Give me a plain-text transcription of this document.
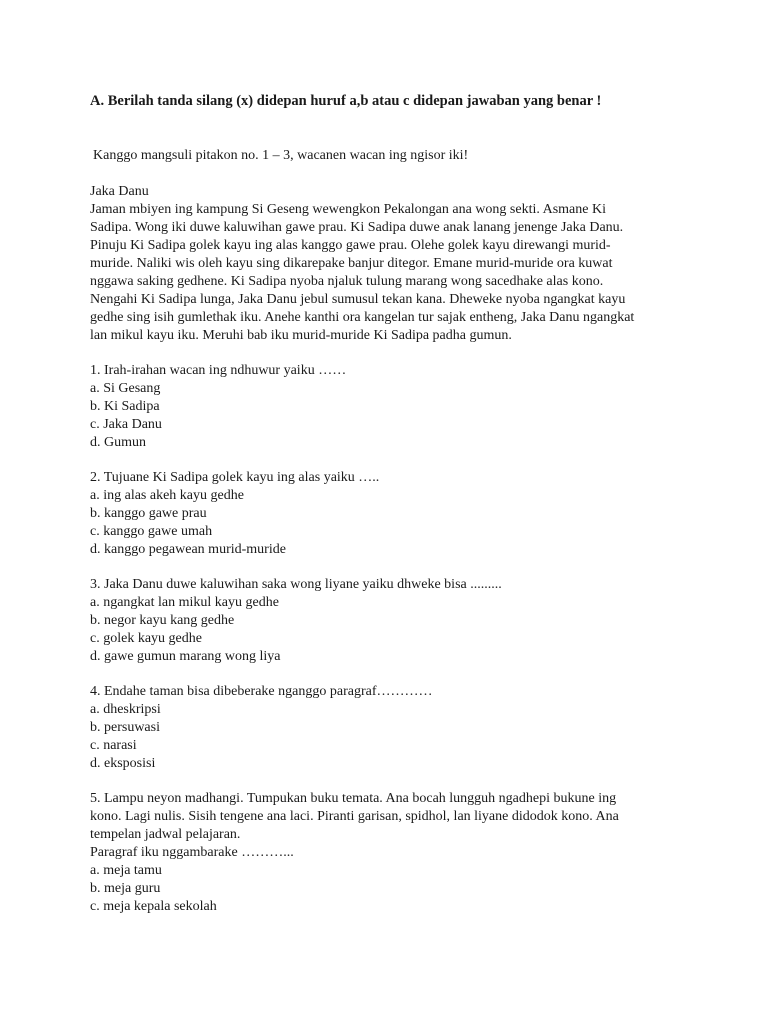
A. Berilah tanda silang (x) didepan huruf a,b atau c didepan jawaban yang benar !
Kanggo mangsuli pitakon no. 1 – 3, wacanen wacan ing ngisor iki!
Jaka Danu
Jaman mbiyen ing kampung Si Geseng wewengkon Pekalongan ana wong sekti. Asmane Ki
Sadipa. Wong iki duwe kaluwihan gawe prau. Ki Sadipa duwe anak lanang jenenge Jaka Danu.
Pinuju Ki Sadipa golek kayu ing alas kanggo gawe prau. Olehe golek kayu direwangi murid-
muride. Naliki wis oleh kayu sing dikarepake banjur ditegor. Emane murid-muride ora kuwat
nggawa saking gedhene. Ki Sadipa nyoba njaluk tulung marang wong sacedhake alas kono.
Nengahi Ki Sadipa lunga, Jaka Danu jebul sumusul tekan kana. Dheweke nyoba ngangkat kayu
gedhe sing isih gumlethak iku. Anehe kanthi ora kangelan tur sajak entheng, Jaka Danu ngangkat
lan mikul kayu iku. Meruhi bab iku murid-muride Ki Sadipa padha gumun.
1. Irah-irahan wacan ing ndhuwur yaiku ……
a. Si Gesang
b. Ki Sadipa
c. Jaka Danu
d. Gumun
2. Tujuane Ki Sadipa golek kayu ing alas yaiku …..
a. ing alas akeh kayu gedhe
b. kanggo gawe prau
c. kanggo gawe umah
d. kanggo pegawean murid-muride
3. Jaka Danu duwe kaluwihan saka wong liyane yaiku dhweke bisa .........
a. ngangkat lan mikul kayu gedhe
b. negor kayu kang gedhe
c. golek kayu gedhe
d. gawe gumun marang wong liya
4. Endahe taman bisa dibeberake nganggo paragraf…………
a. dheskripsi
b. persuwasi
c. narasi
d. eksposisi
5. Lampu neyon madhangi. Tumpukan buku temata. Ana bocah lungguh ngadhepi bukune ing
kono. Lagi nulis. Sisih tengene ana laci. Piranti garisan, spidhol, lan liyane didodok kono. Ana
tempelan jadwal pelajaran.
Paragraf iku nggambarake ………...
a. meja tamu
b. meja guru
c. meja kepala sekolah
